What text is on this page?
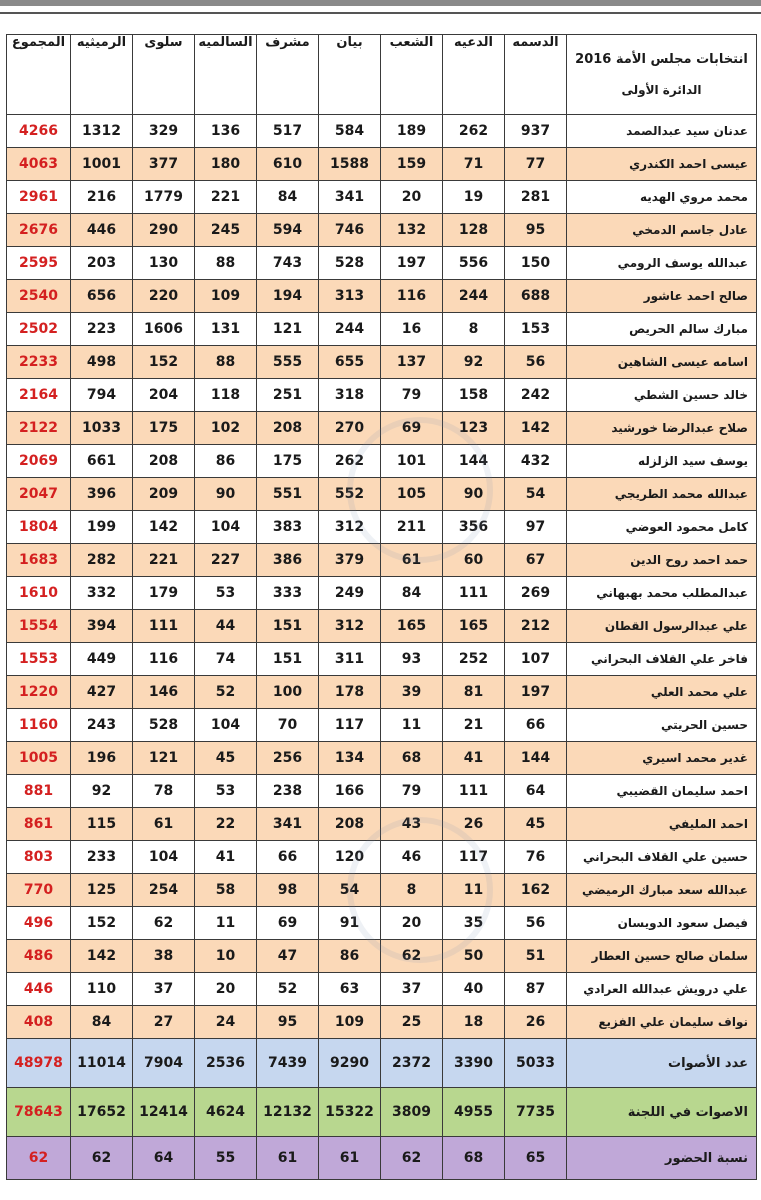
انتخابات مجلس الأمة 2016
الدائرة الأولى	الدسمه	الدعيه	الشعب	بيان	مشرف	السالميه	سلوى	الرميثيه	المجموع
عدنان سيد عبدالصمد	937	262	189	584	517	136	329	1312	4266
عيسى احمد الكندري	77	71	159	1588	610	180	377	1001	4063
محمد مروي الهديه	281	19	20	341	84	221	1779	216	2961
عادل جاسم الدمخي	95	128	132	746	594	245	290	446	2676
عبدالله يوسف الرومي	150	556	197	528	743	88	130	203	2595
صالح احمد عاشور	688	244	116	313	194	109	220	656	2540
مبارك سالم الحريص	153	8	16	244	121	131	1606	223	2502
اسامه عيسى الشاهين	56	92	137	655	555	88	152	498	2233
خالد حسين الشطي	242	158	79	318	251	118	204	794	2164
صلاح عبدالرضا خورشيد	142	123	69	270	208	102	175	1033	2122
يوسف سيد الزلزله	432	144	101	262	175	86	208	661	2069
عبدالله محمد الطريجي	54	90	105	552	551	90	209	396	2047
كامل محمود العوضي	97	356	211	312	383	104	142	199	1804
حمد احمد روح الدين	67	60	61	379	386	227	221	282	1683
عبدالمطلب محمد بهبهاني	269	111	84	249	333	53	179	332	1610
علي عبدالرسول القطان	212	165	165	312	151	44	111	394	1554
فاخر علي القلاف البحراني	107	252	93	311	151	74	116	449	1553
علي محمد العلي	197	81	39	178	100	52	146	427	1220
حسين الحريتي	66	21	11	117	70	104	528	243	1160
غدير محمد اسيري	144	41	68	134	256	45	121	196	1005
احمد سليمان القضيبي	64	111	79	166	238	53	78	92	881
احمد المليفي	45	26	43	208	341	22	61	115	861
حسين علي القلاف البحراني	76	117	46	120	66	41	104	233	803
عبدالله سعد مبارك الرميضي	162	11	8	54	98	58	254	125	770
فيصل سعود الدويسان	56	35	20	91	69	11	62	152	496
سلمان صالح حسين العطار	51	50	62	86	47	10	38	142	486
علي درويش عبدالله العرادي	87	40	37	63	52	20	37	110	446
نواف سليمان علي الفزيع	26	18	25	109	95	24	27	84	408
عدد الأصوات	5033	3390	2372	9290	7439	2536	7904	11014	48978
الاصوات في اللجنة	7735	4955	3809	15322	12132	4624	12414	17652	78643
نسبة الحضور	65	68	62	61	61	55	64	62	62
